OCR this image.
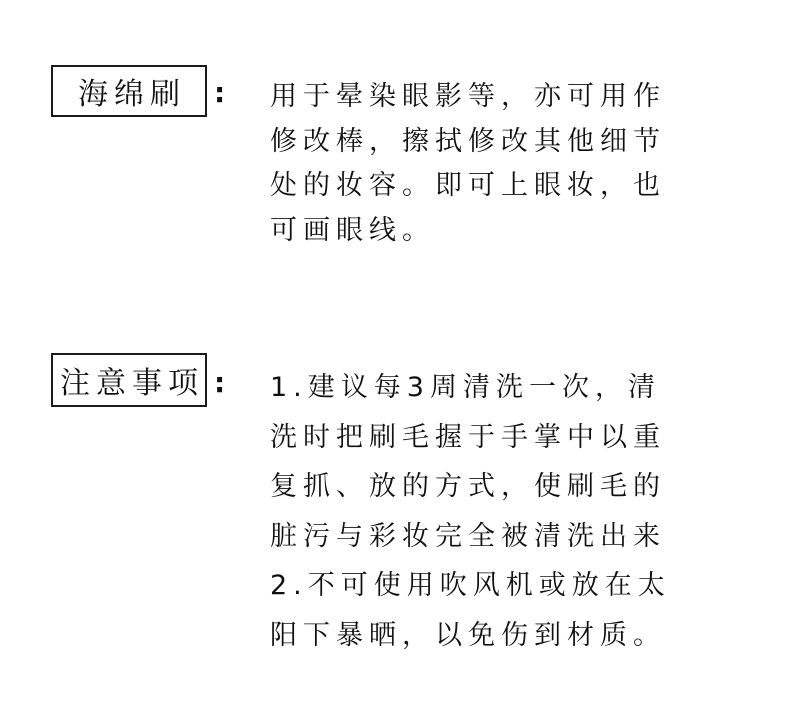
海绵刷	: 用于晕染眼影等，亦可用作
修改棒，擦拭修改其他细节
处的妆容。即可上眼妆，也
可画眼线。
注意事项 : 1.建议每3周清洗一次，清
洗时把刷毛握于手掌中以重
复抓、放的方式，使刷毛的
脏污与彩妆完全被清洗出来
2.不可使用吹风机或放在太
阳下暴晒，以免伤到材质。
